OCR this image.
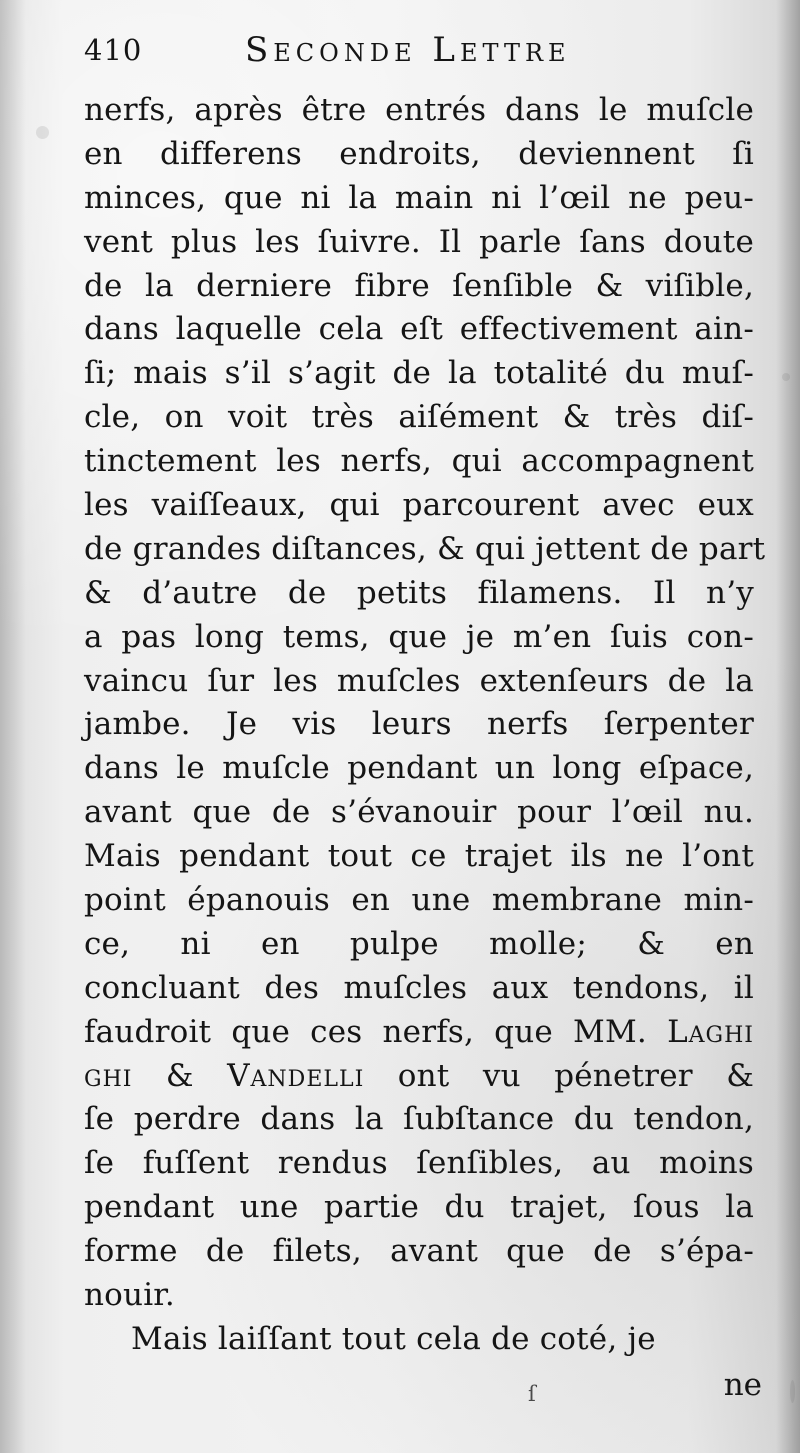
410	Seconde Lettre
nerfs, après être entrés dans le muſcle
en differens endroits, deviennent ſi
minces, que ni la main ni l’œil ne peu-
vent plus les ſuivre. Il parle ſans doute
de la derniere fibre ſenſible & viſible,
dans laquelle cela eſt effectivement ain-
ſi; mais s’il s’agit de la totalité du muſ-
cle, on voit très aiſément & très diſ-
tinctement les nerfs, qui accompagnent
les vaiſſeaux, qui parcourent avec eux
de grandes diſtances, & qui jettent de part
& d’autre de petits filamens. Il n’y
a pas long tems, que je m’en ſuis con-
vaincu ſur les muſcles extenſeurs de la
jambe. Je vis leurs nerfs ſerpenter
dans le muſcle pendant un long eſpace,
avant que de s’évanouir pour l’œil nu.
Mais pendant tout ce trajet ils ne l’ont
point épanouis en une membrane min-
ce, ni en pulpe molle; & en
concluant des muſcles aux tendons, il
faudroit que ces nerfs, que MM. Laghi
ghi & Vandelli ont vu pénetrer &
ſe perdre dans la ſubſtance du tendon,
ſe fuſſent rendus ſenſibles, au moins
pendant une partie du trajet, ſous la
forme de filets, avant que de s’épa-
nouir.
Mais laiſſant tout cela de coté, je
ſ	ne
